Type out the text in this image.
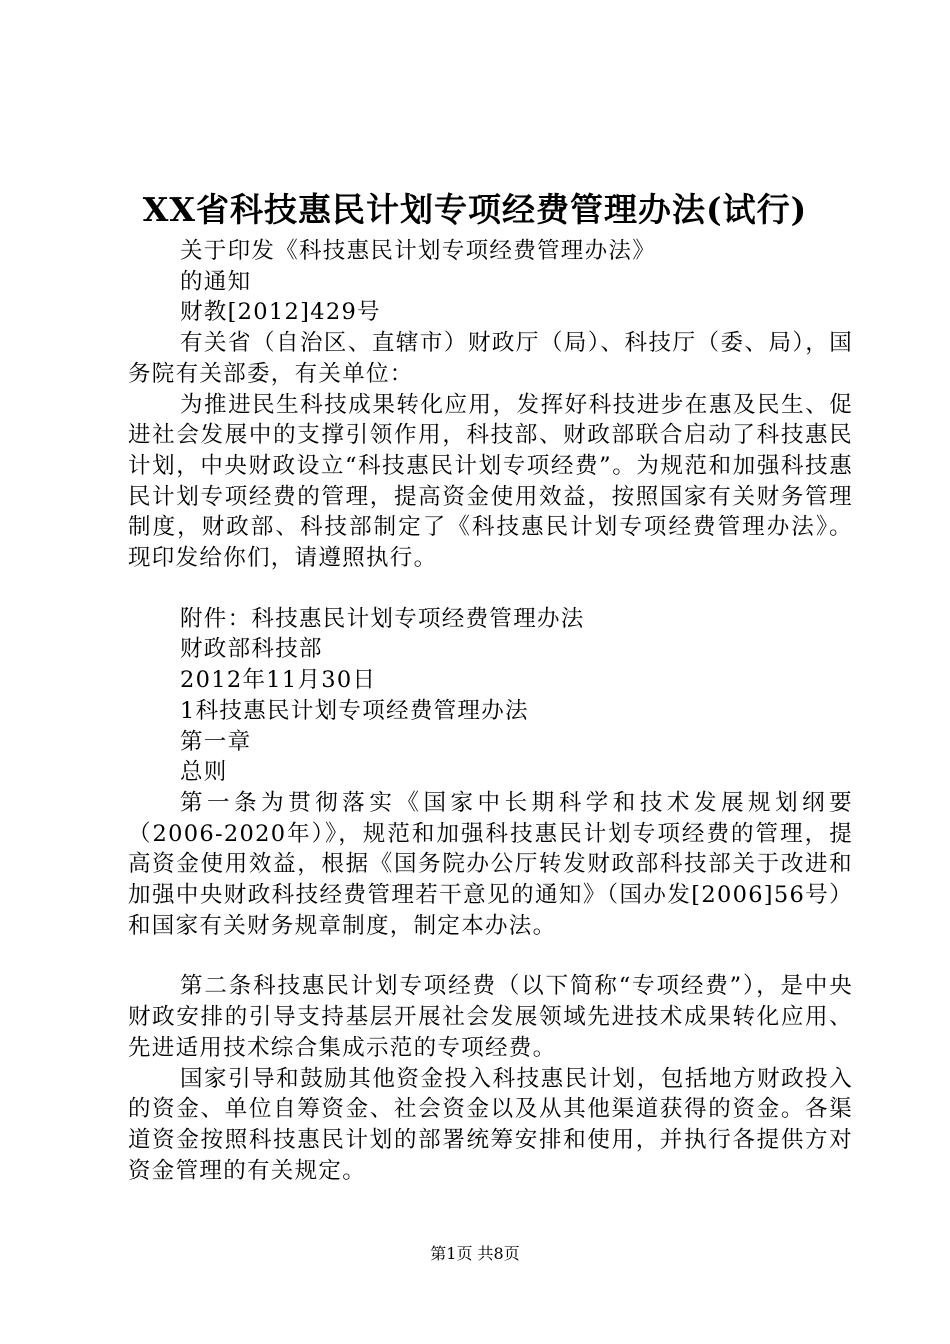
XX省科技惠民计划专项经费管理办法(试行)

关于印发《科技惠民计划专项经费管理办法》

的通知

财教[2012]429号

有关省（自治区、直辖市）财政厅（局）、科技厅（委、局），国务院有关部委，有关单位：

为推进民生科技成果转化应用，发挥好科技进步在惠及民生、促进社会发展中的支撑引领作用，科技部、财政部联合启动了科技惠民计划，中央财政设立“科技惠民计划专项经费”。为规范和加强科技惠民计划专项经费的管理，提高资金使用效益，按照国家有关财务管理制度，财政部、科技部制定了《科技惠民计划专项经费管理办法》。现印发给你们，请遵照执行。

附件：科技惠民计划专项经费管理办法

财政部科技部

2012年11月30日

1科技惠民计划专项经费管理办法

第一章

总则

第一条为贯彻落实《国家中长期科学和技术发展规划纲要（2006-2020年）》，规范和加强科技惠民计划专项经费的管理，提高资金使用效益，根据《国务院办公厅转发财政部科技部关于改进和加强中央财政科技经费管理若干意见的通知》（国办发[2006]56号）和国家有关财务规章制度，制定本办法。

第二条科技惠民计划专项经费（以下简称“专项经费”），是中央财政安排的引导支持基层开展社会发展领域先进技术成果转化应用、先进适用技术综合集成示范的专项经费。

国家引导和鼓励其他资金投入科技惠民计划，包括地方财政投入的资金、单位自筹资金、社会资金以及从其他渠道获得的资金。各渠道资金按照科技惠民计划的部署统筹安排和使用，并执行各提供方对资金管理的有关规定。

第1页 共8页
